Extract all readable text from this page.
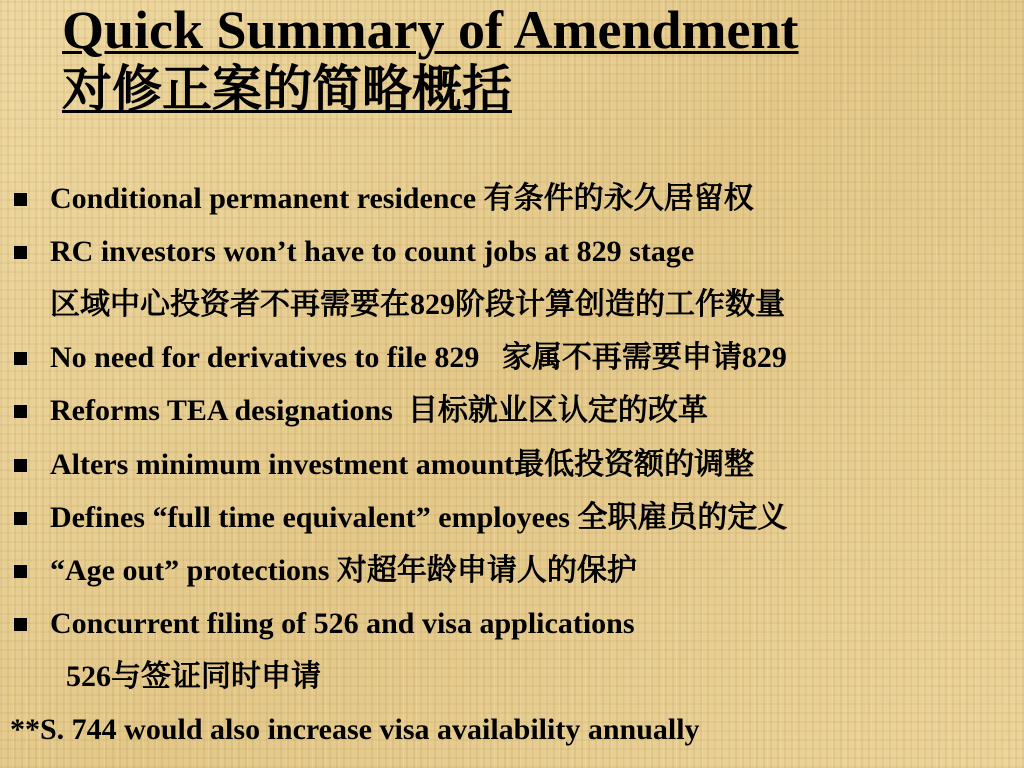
Quick Summary of Amendment
对修正案的简略概括
Conditional permanent residence 有条件的永久居留权
RC investors won’t have to count jobs at 829 stage
区域中心投资者不再需要在829阶段计算创造的工作数量
No need for derivatives to file 829   家属不再需要申请829
Reforms TEA designations  目标就业区认定的改革
Alters minimum investment amount最低投资额的调整
Defines “full time equivalent” employees 全职雇员的定义
“Age out” protections 对超年龄申请人的保护
Concurrent filing of 526 and visa applications
526与签证同时申请
**S. 744 would also increase visa availability annually
